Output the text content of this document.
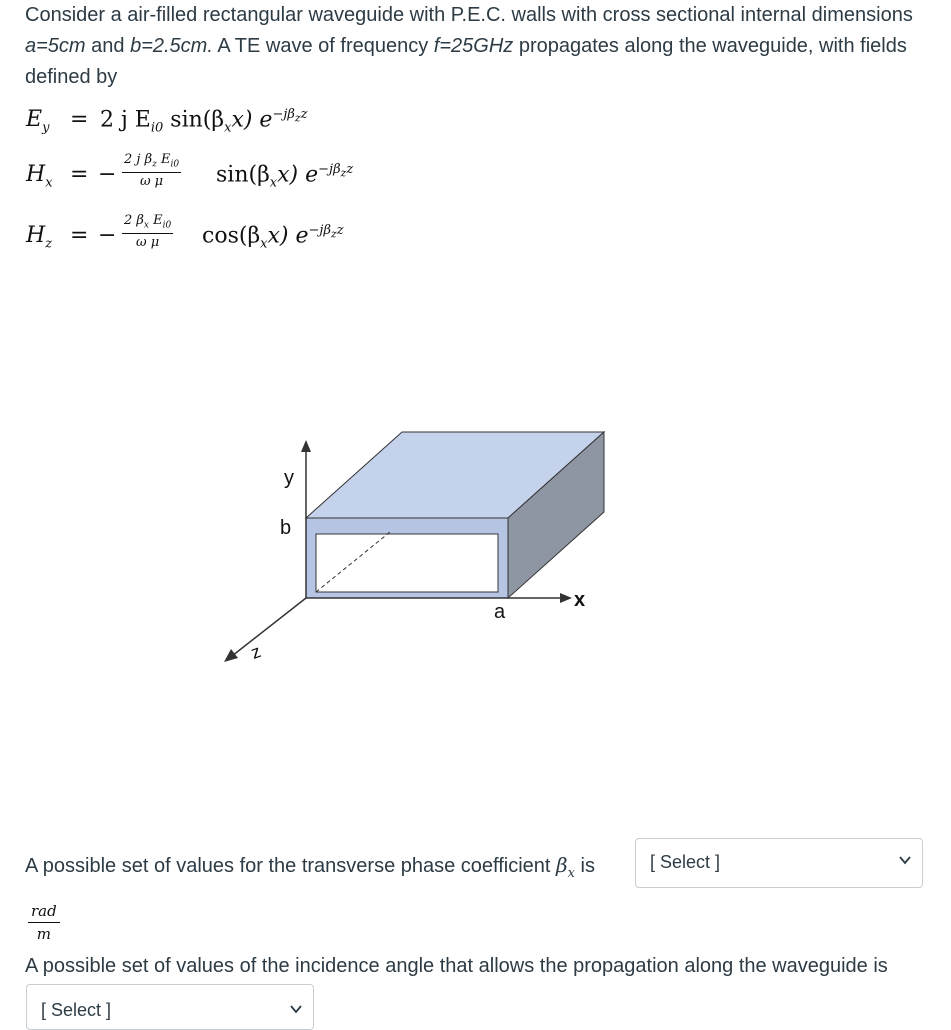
Consider a air-filled rectangular waveguide with P.E.C. walls with cross sectional internal dimensions a=5cm and b=2.5cm. A TE wave of frequency f=25GHz propagates along the waveguide, with fields defined by
$E_y = 2$ j $E_{i0}$ $\sin(\beta_xx)$ $e^{-j\beta_zz}$
$H_x$ = − $\frac{2 j \beta_z E_{i0}}{\text{ω μ}} \sin(\beta_xx)$ $e^{-j\beta_zz}$
$H_z$ = − $\frac{2 \beta_x E_{i0}}{\text{ω μ}} \cos(\beta_xx)$ $e^{-j\beta_zz}$
y
b
a
x
z
A possible set of values for the transverse phase coefficient $\beta_x$ is	[ Select ]
rad
m
A possible set of values of the incidence angle that allows the propagation along the waveguide is
[ Select ]
